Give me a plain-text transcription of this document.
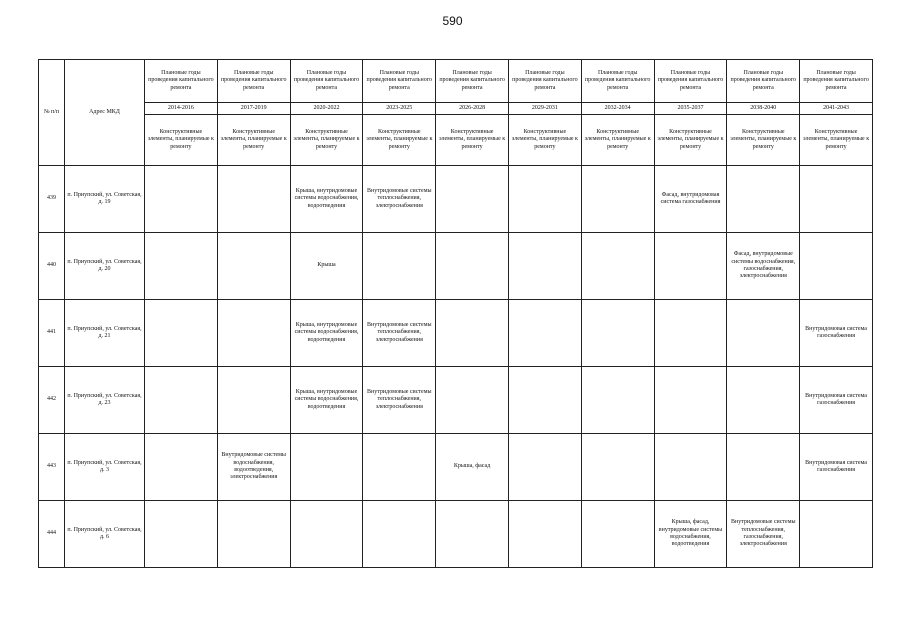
590
№ п/п	Адрес МКД	Плановые годы проведения капитального ремонта	Плановые годы проведения капитального ремонта	Плановые годы проведения капитального ремонта	Плановые годы проведения капитального ремонта	Плановые годы проведения капитального ремонта	Плановые годы проведения капитального ремонта	Плановые годы проведения капитального ремонта	Плановые годы проведения капитального ремонта	Плановые годы проведения капитального ремонта	Плановые годы проведения капитального ремонта
		2014-2016	2017-2019	2020-2022	2023-2025	2026-2028	2029-2031	2032-2034	2035-2037	2038-2040	2041-2043
		Конструктивные элементы, планируемые к ремонту	Конструктивные элементы, планируемые к ремонту	Конструктивные элементы, планируемые к ремонту	Конструктивные элементы, планируемые к ремонту	Конструктивные элементы, планируемые к ремонту	Конструктивные элементы, планируемые к ремонту	Конструктивные элементы, планируемые к ремонту	Конструктивные элементы, планируемые к ремонту	Конструктивные элементы, планируемые к ремонту	Конструктивные элементы, планируемые к ремонту
439	п. Приупский, ул. Советская, д. 19			Крыша, внутридомовые системы водоснабжения, водоотведения	Внутридомовые системы теплоснабжения, электроснабжения				Фасад, внутридомовая система газоснабжения		
440	п. Приупский, ул. Советская, д. 20			Крыша						Фасад, внутридомовые системы водоснабжения, газоснабжения, электроснабжения	
441	п. Приупский, ул. Советская, д. 21			Крыша, внутридомовые системы водоснабжения, водоотведения	Внутридомовые системы теплоснабжения, электроснабжения						Внутридомовая система газоснабжения
442	п. Приупский, ул. Советская, д. 23			Крыша, внутридомовые системы водоснабжения, водоотведения	Внутридомовые системы теплоснабжения, электроснабжения						Внутридомовая система газоснабжения
443	п. Приупский, ул. Советская, д. 3		Внутридомовые системы водоснабжения, водоотведения, электроснабжения			Крыша, фасад					Внутридомовая система газоснабжения
444	п. Приупский, ул. Советская, д. 6								Крыша, фасад, внутридомовые системы водоснабжения, водоотведения	Внутридомовые системы теплоснабжения, газоснабжения, электроснабжения	
